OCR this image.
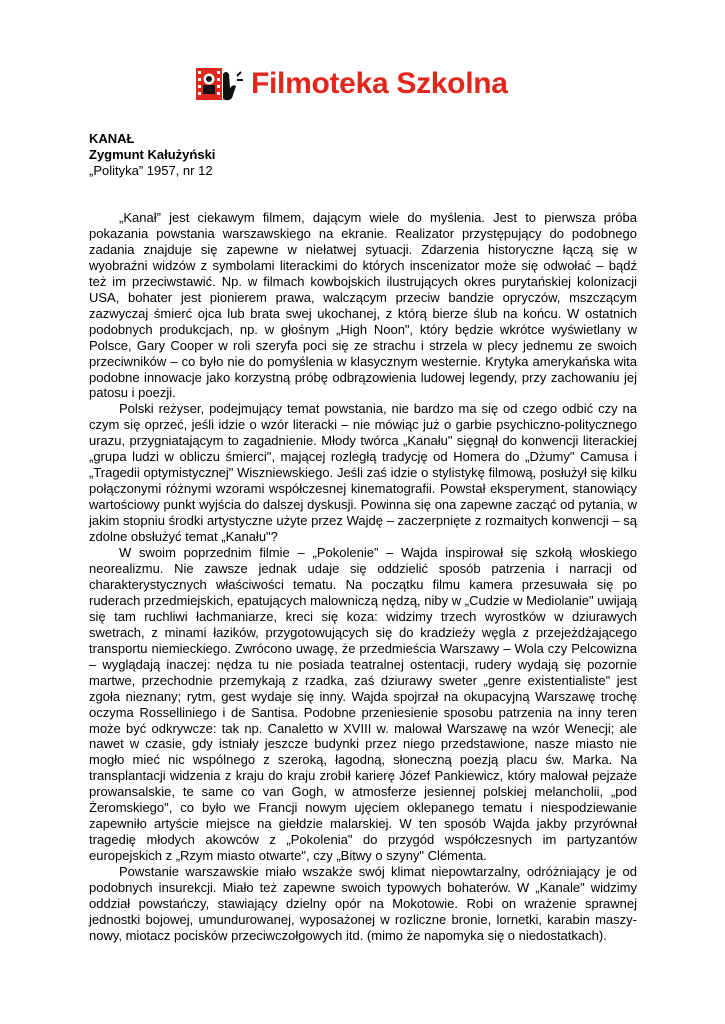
Filmoteka Szkolna
KANAŁ
Zygmunt Kałużyński
„Polityka” 1957, nr 12

„Kanał” jest ciekawym filmem, dającym wiele do myślenia. Jest to pierwsza próba pokazania powstania warszawskiego na ekranie. Realizator przystępujący do podobnego zadania znajduje się zapewne w niełatwej sytuacji. Zdarzenia historyczne łączą się w wyobraźni widzów z symbolami literackimi do których inscenizator może się odwołać – bądź też im przeciwstawić. Np. w filmach kowbojskich ilustrujących okres purytańskiej kolonizacji USA, bohater jest pionierem prawa, walczącym przeciw bandzie opryczów, mszczącym zazwyczaj śmierć ojca lub brata swej ukochanej, z którą bierze ślub na końcu. W ostatnich podobnych produkcjach, np. w głośnym „High Noon", który będzie wkrótce wyświetlany w Polsce, Gary Cooper w roli szeryfa poci się ze strachu i strzela w plecy jednemu ze swoich przeciwników – co było nie do pomyślenia w klasycznym westernie. Krytyka amerykańska wita podobne innowacje jako korzystną próbę odbrązowienia ludowej legendy, przy zachowaniu jej patosu i poezji.

Polski reżyser, podejmujący temat powstania, nie bardzo ma się od czego odbić czy na czym się oprzeć, jeśli idzie o wzór literacki – nie mówiąc już o garbie psychiczno-politycznego urazu, przygniatającym to zagadnienie. Młody twórca „Kanału" sięgnął do konwencji literackiej „grupa ludzi w obliczu śmierci", mającej rozległą tradycję od Homera do „Dżumy" Camusa i „Tragedii optymistycznej" Wiszniewskiego. Jeśli zaś idzie o stylistykę filmową, posłużył się kilku połączonymi różnymi wzorami współczesnej kinematografii. Powstał eksperyment, stanowiący wartościowy punkt wyjścia do dalszej dyskusji. Powinna się ona zapewne zacząć od pytania, w jakim stopniu środki artystyczne użyte przez Wajdę – zaczerpnięte z rozmaitych konwencji – są zdolne obsłużyć temat „Kanału"?

W swoim poprzednim filmie – „Pokolenie” – Wajda inspirował się szkołą włoskiego neorealizmu. Nie zawsze jednak udaje się oddzielić sposób patrzenia i narracji od charakterystycznych właściwości tematu. Na początku filmu kamera przesuwała się po ruderach przedmiejskich, epatujących malowniczą nędzą, niby w „Cudzie w Mediolanie" uwijają się tam ruchliwi łachmaniarze, kreci się koza: widzimy trzech wyrostków w dziurawych swetrach, z minami łazików, przygotowujących się do kradzieży węgla z przejeżdżającego transportu niemieckiego. Zwrócono uwagę, że przedmieścia Warszawy – Wola czy Pelcowizna – wyglądają inaczej: nędza tu nie posiada teatralnej ostentacji, rudery wydają się pozornie martwe, przechodnie przemykają z rzadka, zaś dziurawy sweter „genre existentialiste" jest zgoła nieznany; rytm, gest wydaje się inny. Wajda spojrzał na okupacyjną Warszawę trochę oczyma Rosselliniego i de Santisa. Podobne przeniesienie sposobu patrzenia na inny teren może być odkrywcze: tak np. Canaletto w XVIII w. malował Warszawę na wzór Wenecji; ale nawet w czasie, gdy istniały jeszcze budynki przez niego przedstawione, nasze miasto nie mogło mieć nic wspólnego z szeroką, łagodną, słoneczną poezją placu św. Marka. Na transplantacji widzenia z kraju do kraju zrobił karierę Józef Pankiewicz, który malował pejzaże prowansalskie, te same co van Gogh, w atmosferze jesiennej polskiej melancholii, „pod Żeromskiego", co było we Francji nowym ujęciem oklepanego tematu i niespodziewanie zapewniło artyście miejsce na giełdzie malarskiej. W ten sposób Wajda jakby przyrównał tragedię młodych akowców z „Pokolenia" do przygód współczesnych im partyzantów europejskich z „Rzym miasto otwarte", czy „Bitwy o szyny" Clémenta.

Powstanie warszawskie miało wszakże swój klimat niepowtarzalny, odróżniający je od podobnych insurekcji. Miało też zapewne swoich typowych bohaterów. W „Kanale" widzimy oddział powstańczy, stawiający dzielny opór na Mokotowie. Robi on wrażenie sprawnej jednostki bojowej, umundurowanej, wyposażonej w rozliczne bronie, lornetki, karabin maszy-nowy, miotacz pocisków przeciwczołgowych itd. (mimo że napomyka się o niedostatkach).
